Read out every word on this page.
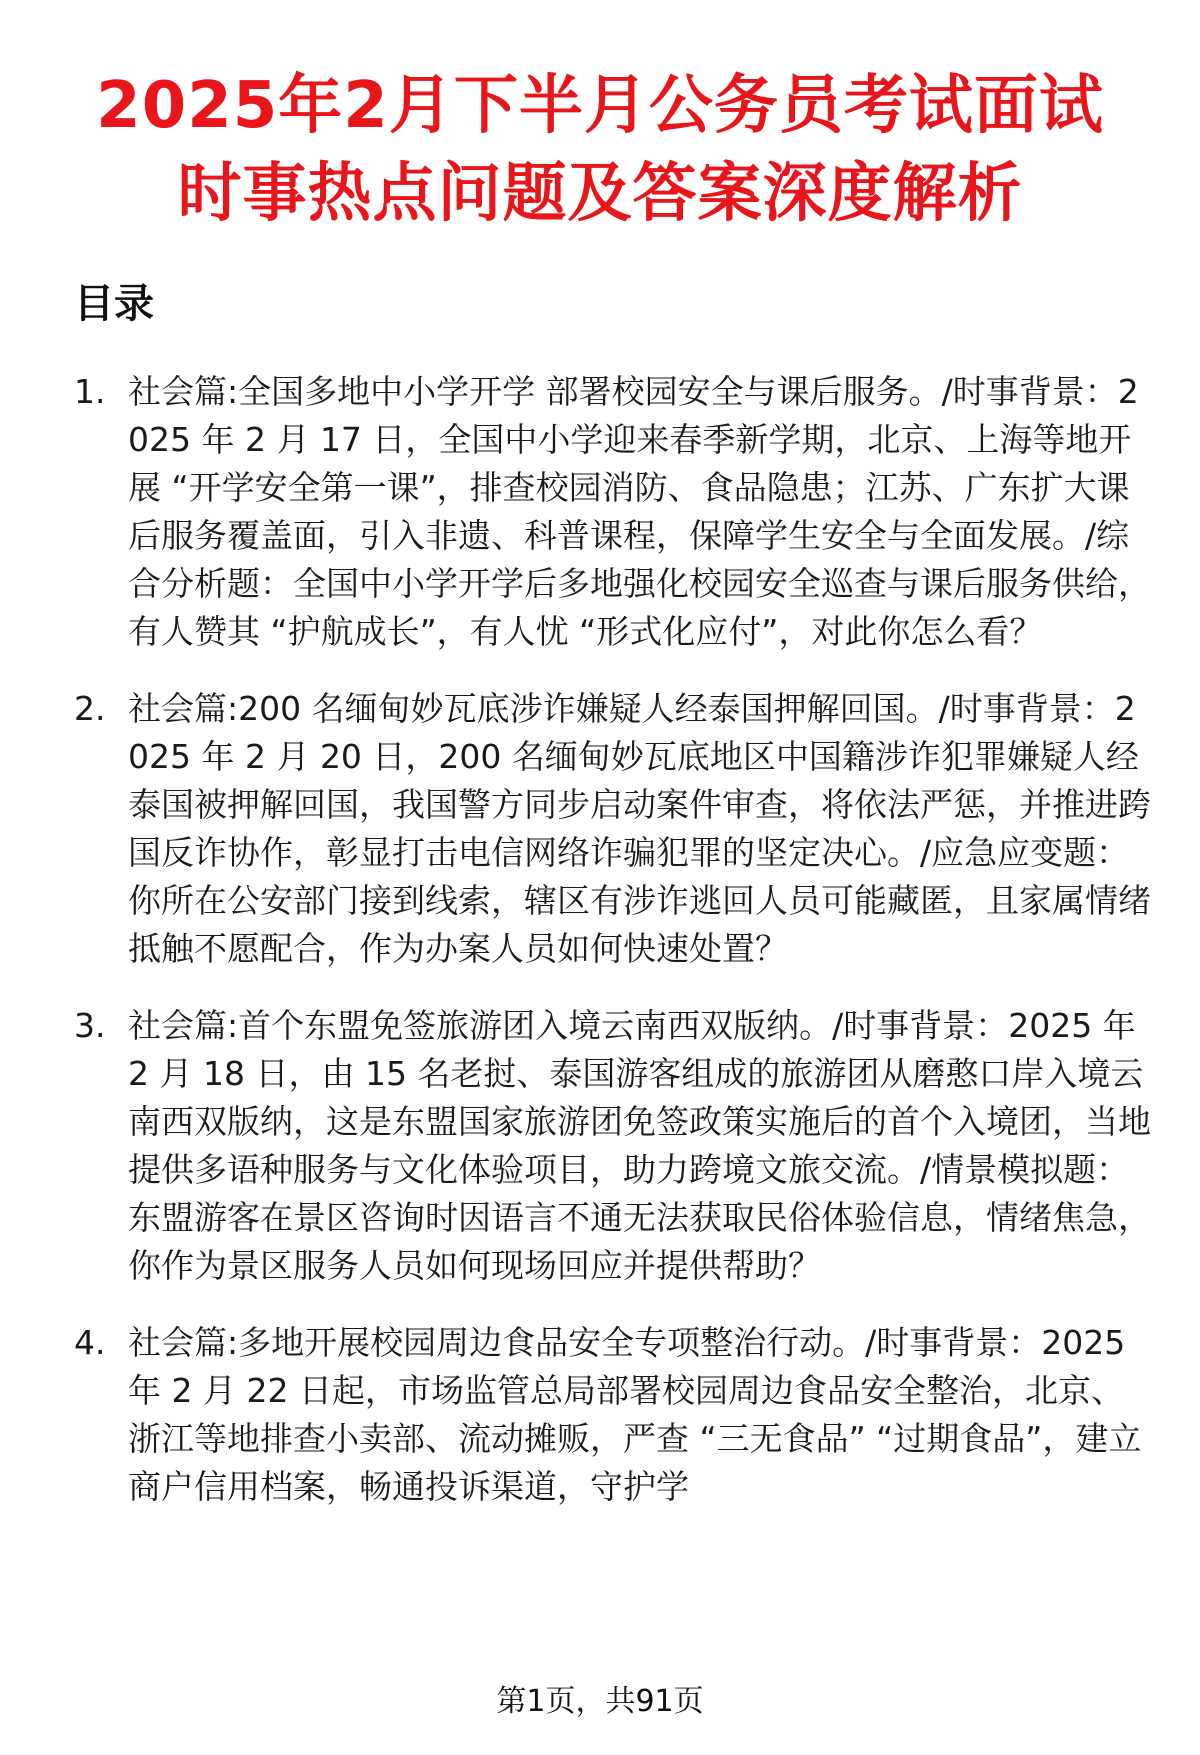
2025年2月下半月公务员考试面试
时事热点问题及答案深度解析
目录
1. 社会篇:全国多地中小学开学 部署校园安全与课后服务。/时事背景：2025 年 2 月 17 日，全国中小学迎来春季新学期，北京、上海等地开展 “开学安全第一课”，排查校园消防、食品隐患；江苏、广东扩大课后服务覆盖面，引入非遗、科普课程，保障学生安全与全面发展。/综合分析题：全国中小学开学后多地强化校园安全巡查与课后服务供给，有人赞其 “护航成长”，有人忧 “形式化应付”，对此你怎么看？
2. 社会篇:200 名缅甸妙瓦底涉诈嫌疑人经泰国押解回国。/时事背景：2025 年 2 月 20 日，200 名缅甸妙瓦底地区中国籍涉诈犯罪嫌疑人经泰国被押解回国，我国警方同步启动案件审查，将依法严惩，并推进跨国反诈协作，彰显打击电信网络诈骗犯罪的坚定决心。/应急应变题：你所在公安部门接到线索，辖区有涉诈逃回人员可能藏匿，且家属情绪抵触不愿配合，作为办案人员如何快速处置？
3. 社会篇:首个东盟免签旅游团入境云南西双版纳。/时事背景：2025 年 2 月 18 日，由 15 名老挝、泰国游客组成的旅游团从磨憨口岸入境云南西双版纳，这是东盟国家旅游团免签政策实施后的首个入境团，当地提供多语种服务与文化体验项目，助力跨境文旅交流。/情景模拟题：东盟游客在景区咨询时因语言不通无法获取民俗体验信息，情绪焦急，你作为景区服务人员如何现场回应并提供帮助？
4. 社会篇:多地开展校园周边食品安全专项整治行动。/时事背景：2025 年 2 月 22 日起，市场监管总局部署校园周边食品安全整治，北京、浙江等地排查小卖部、流动摊贩，严查 “三无食品” “过期食品”，建立商户信用档案，畅通投诉渠道，守护学
第1页，共91页
